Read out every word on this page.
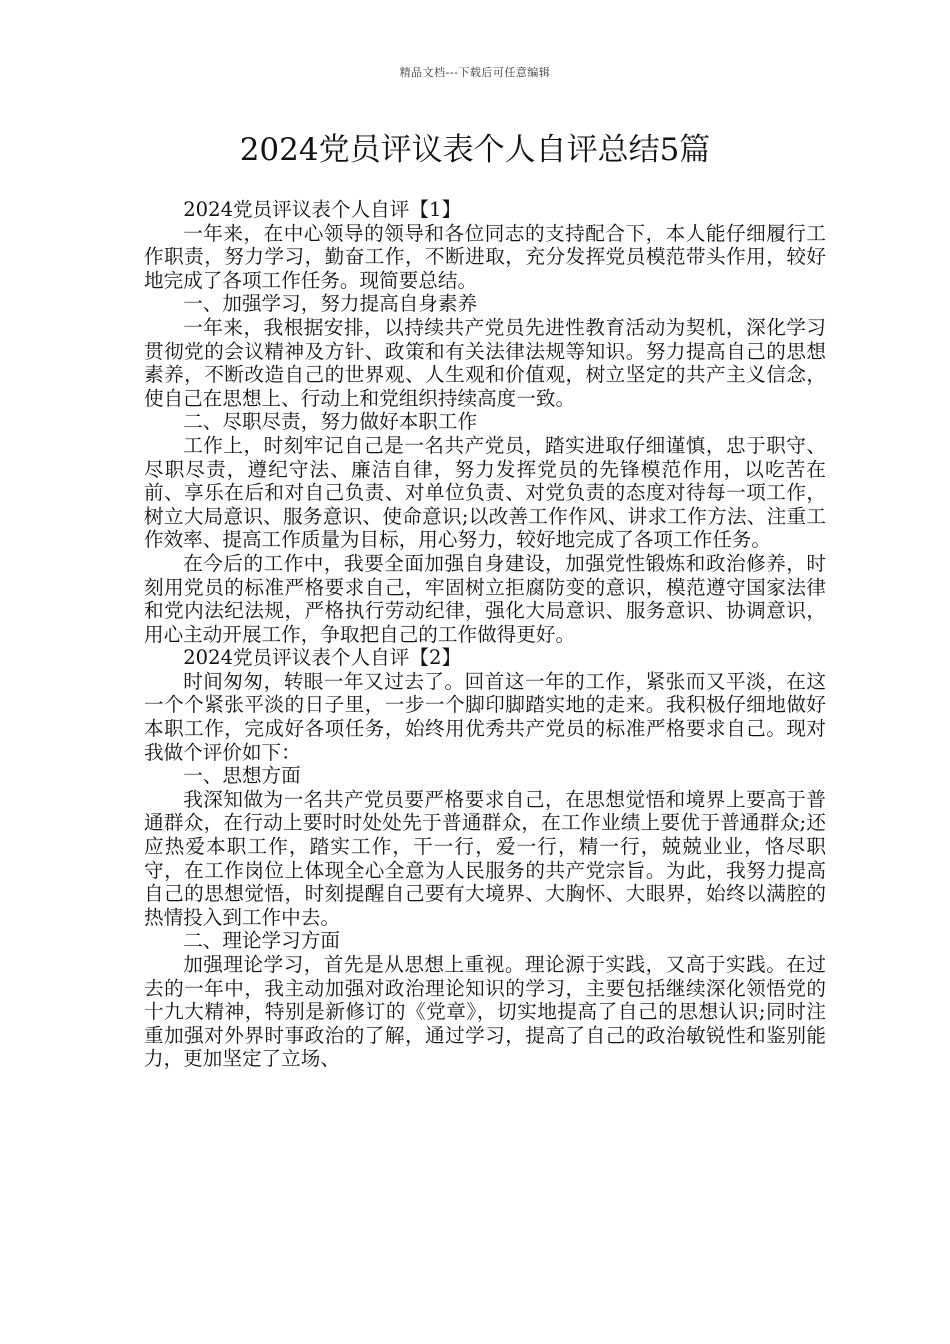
精品文档---下载后可任意编辑
2024党员评议表个人自评总结5篇

2024党员评议表个人自评【1】

一年来，在中心领导的领导和各位同志的支持配合下，本人能仔细履行工作职责，努力学习，勤奋工作，不断进取，充分发挥党员模范带头作用，较好地完成了各项工作任务。现简要总结。

一、加强学习，努力提高自身素养

一年来，我根据安排，以持续共产党员先进性教育活动为契机，深化学习贯彻党的会议精神及方针、政策和有关法律法规等知识。努力提高自己的思想素养，不断改造自己的世界观、人生观和价值观，树立坚定的共产主义信念，使自己在思想上、行动上和党组织持续高度一致。

二、尽职尽责，努力做好本职工作

工作上，时刻牢记自己是一名共产党员，踏实进取仔细谨慎，忠于职守、尽职尽责，遵纪守法、廉洁自律，努力发挥党员的先锋模范作用，以吃苦在前、享乐在后和对自己负责、对单位负责、对党负责的态度对待每一项工作，树立大局意识、服务意识、使命意识;以改善工作作风、讲求工作方法、注重工作效率、提高工作质量为目标，用心努力，较好地完成了各项工作任务。

在今后的工作中，我要全面加强自身建设，加强党性锻炼和政治修养，时刻用党员的标准严格要求自己，牢固树立拒腐防变的意识，模范遵守国家法律和党内法纪法规，严格执行劳动纪律，强化大局意识、服务意识、协调意识，用心主动开展工作，争取把自己的工作做得更好。

2024党员评议表个人自评【2】

时间匆匆，转眼一年又过去了。回首这一年的工作，紧张而又平淡，在这一个个紧张平淡的日子里，一步一个脚印脚踏实地的走来。我积极仔细地做好本职工作，完成好各项任务，始终用优秀共产党员的标准严格要求自己。现对我做个评价如下：

一、思想方面

我深知做为一名共产党员要严格要求自己，在思想觉悟和境界上要高于普通群众，在行动上要时时处处先于普通群众，在工作业绩上要优于普通群众;还应热爱本职工作，踏实工作，干一行，爱一行，精一行，兢兢业业，恪尽职守，在工作岗位上体现全心全意为人民服务的共产党宗旨。为此，我努力提高自己的思想觉悟，时刻提醒自己要有大境界、大胸怀、大眼界，始终以满腔的热情投入到工作中去。

二、理论学习方面

加强理论学习，首先是从思想上重视。理论源于实践，又高于实践。在过去的一年中，我主动加强对政治理论知识的学习，主要包括继续深化领悟党的十九大精神，特别是新修订的《党章》，切实地提高了自己的思想认识;同时注重加强对外界时事政治的了解，通过学习，提高了自己的政治敏锐性和鉴别能力，更加坚定了立场、
